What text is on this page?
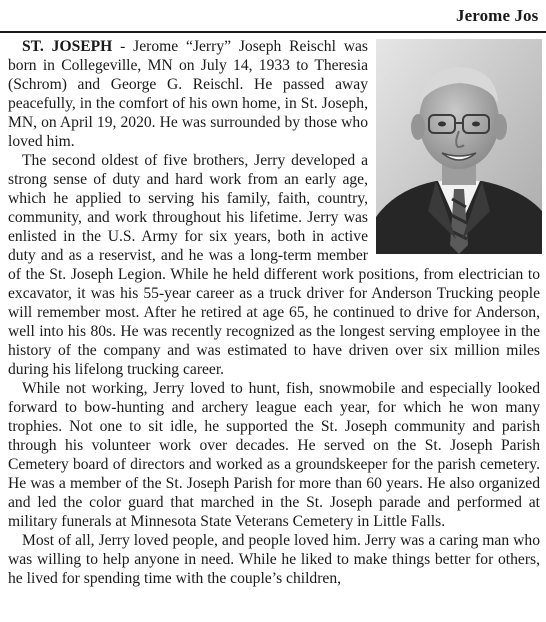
Jerome Jos

ST. JOSEPH - Jerome “Jerry” Joseph Reischl was born in Collegeville, MN on July 14, 1933 to Theresia (Schrom) and George G. Reischl. He passed away peacefully, in the comfort of his own home, in St. Joseph, MN, on April 19, 2020. He was surrounded by those who loved him.

The second oldest of five brothers, Jerry developed a strong sense of duty and hard work from an early age, which he applied to serving his family, faith, country, community, and work throughout his lifetime. Jerry was enlisted in the U.S. Army for six years, both in active duty and as a reservist, and he was a long-term member of the St. Joseph Legion. While he held different work positions, from electrician to excavator, it was his 55-year career as a truck driver for Anderson Trucking people will remember most. After he retired at age 65, he continued to drive for Anderson, well into his 80s. He was recently recognized as the longest serving employee in the history of the company and was estimated to have driven over six million miles during his lifelong trucking career.

While not working, Jerry loved to hunt, fish, snowmobile and especially looked forward to bow-hunting and archery league each year, for which he won many trophies. Not one to sit idle, he supported the St. Joseph community and parish through his volunteer work over decades. He served on the St. Joseph Parish Cemetery board of directors and worked as a groundskeeper for the parish cemetery. He was a member of the St. Joseph Parish for more than 60 years. He also organized and led the color guard that marched in the St. Joseph parade and performed at military funerals at Minnesota State Veterans Cemetery in Little Falls.

Most of all, Jerry loved people, and people loved him. Jerry was a caring man who was willing to help anyone in need. While he liked to make things better for others, he lived for spending time with the couple’s children,
